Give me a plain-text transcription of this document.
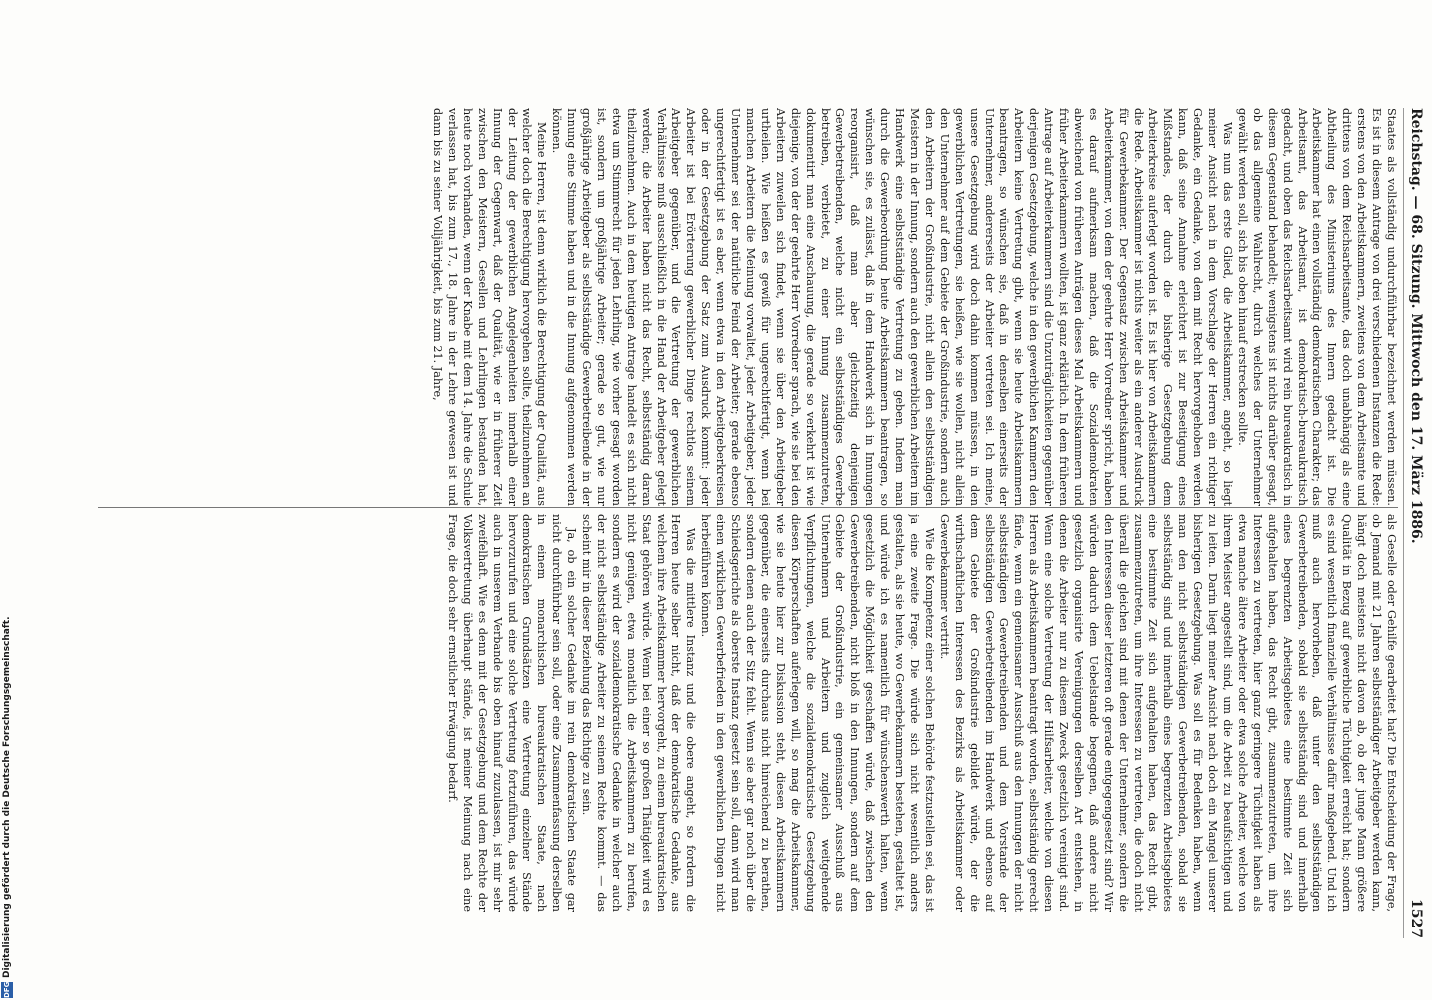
Reichstag. — 68. Sitzung. Mittwoch den 17. März 1886.
1527

Staates als vollständig undurchführbar bezeichnet werden müssen. Es ist in diesem Antrage von drei verschiedenen Instanzen die Rede: erstens von den Arbeitskammern, zweitens von dem Arbeitsamte und drittens von dem Reichsarbeitsamte, das doch unabhängig als eine Abtheilung des Ministeriums des Innern gedacht ist. Die Arbeitskammer hat einen vollständig demokratischen Charakter; das Arbeitsamt, das Arbeitsamt, ist demokratisch-bureaukratisch gedacht, und oben das Reichsarbeitsamt wird rein bureaukratisch in diesem Gegenstand behandelt; wenigstens ist nichts darüber gesagt, ob das allgemeine Wahlrecht, durch welches der Unternehmer gewählt werden soll, sich bis oben hinauf erstrecken sollte.

Was nun das erste Glied, die Arbeitskammer, angeht, so liegt meiner Ansicht nach in dem Vorschlage der Herren ein richtiger Gedanke, ein Gedanke, von dem mit Recht hervorgehoben werden kann, daß seine Annahme erleichtert ist zur Beseitigung eines Mißstandes, der durch die bisherige Gesetzgebung dem Arbeiterkreise auferlegt worden ist. Es ist hier von Arbeitskammern die Rede. Arbeitskammer ist nichts weiter als ein anderer Ausdruck für Gewerbekammer. Der Gegensatz zwischen Arbeitskammer und Arbeiterkammer, von dem der geehrte Herr Vorredner spricht, haben es darauf aufmerksam machen, daß die Sozialdemokraten abweichend von früheren Anträgen dieses Mal Arbeitskammern und früher Arbeiterkammern wollten, ist ganz erklärlich. In dem früheren Antrage auf Arbeiterkammern sind die Unzuträglichkeiten gegenüber derjenigen Gesetzgebung, welche in den gewerblichen Kammern den Arbeitern keine Vertretung gibt, wenn sie heute Arbeitskammern beantragen, so wünschen sie, daß in denselben einerseits der Unternehmer, andererseits der Arbeiter vertreten sei. Ich meine, unsere Gesetzgebung wird doch dahin kommen müssen, in den gewerblichen Vertretungen, sie heißen, wie sie wollen, nicht allein den Unternehmer auf dem Gebiete der Großindustrie, sondern auch den Arbeitern der Großindustrie, nicht allein den selbstständigen Meistern in der Innung, sondern auch den gewerblichen Arbeitern im Handwerk eine selbstständige Vertretung zu geben. Indem man durch die Gewerbeordnung heute Arbeitskammern beantragen, so wünschen sie, es zulässt, daß in dem Handwerk sich in Innungen reorganisirt, daß man aber gleichzeitig denjenigen Gewerbetreibenden, welche nicht ein selbstständiges Gewerbe betreiben, verbietet, zu einer Innung zusammenzutreten, dokumentirt man eine Anschauung, die gerade so verkehrt ist wie diejenige, von der der geehrte Herr Vorredner sprach, wie sie bei den Arbeitern zuweilen sich findet, wenn sie über den Arbeitgeber urtheilen. Wie heißen es gewiß für ungerechtfertigt, wenn bei manchen Arbeitern die Meinung vorwaltet, jeder Arbeitgeber, jeder Unternehmer sei der natürliche Feind der Arbeiter; gerade ebenso ungerechtfertigt ist es aber, wenn etwa in den Arbeitgeberkreisen oder in der Gesetzgebung der Satz zum Ausdruck kommt: jeder Arbeiter ist bei Erörterung gewerblicher Dinge rechtlos seinem Arbeitgeber gegenüber, und die Vertretung der gewerblichen Verhältnisse muß ausschließlich in die Hand der Arbeitgeber gelegt werden; die Arbeiter haben nicht das Recht, selbstständig daran theilzunehmen. Auch in dem heutigen Antrage handelt es sich nicht etwa um Stimmrecht für jeden Lehrling, wie vorher gesagt worden ist, sondern um großjährige Arbeiter; gerade so gut, wie nur großjährige Arbeitgeber als selbstständige Gewerbetreibende in der Innung eine Stimme haben und in die Innung aufgenommen werden können.

Meine Herren, ist denn wirklich die Berechtigung der Qualität, aus welcher doch die Berechtigung hervorgehen sollte, theilzunehmen an der Leitung der gewerblichen Angelegenheiten innerhalb einer Innung der Gegenwart, daß der Qualität, wie er in früherer Zeit zwischen den Meistern, Gesellen und Lehrlingen bestanden hat, heute noch vorhanden, wenn der Knabe mit dem 14. Jahre die Schule verlassen hat, bis zum 17., 18. Jahre in der Lehre gewesen ist und dann bis zu seiner Volljährigkeit, bis zum 21. Jahre,

als Geselle oder Gehilfe gearbeitet hat? Die Entscheidung der Frage, ob Jemand mit 21 Jahren selbstständiger Arbeitgeber werden kann, hängt doch meistens nicht davon ab, ob der junge Mann größere Qualität in Bezug auf gewerbliche Tüchtigkeit erreicht hat; sondern es sind wesentlich finanzielle Verhältnisse dafür maßgebend. Und ich muß auch hervorheben, daß unter den selbstständigen Gewerbetreibenden, sobald sie selbstständig sind und innerhalb eines begrenzten Arbeitsgebietes eine bestimmte Zeit sich aufgehalten haben, das Recht gibt, zusammenzutreten, um ihre Interessen zu vertreten, hier ganz geringere Tüchtigkeit haben als etwa manche ältere Arbeiter oder etwa solche Arbeiter, welche von ihrem Meister angestellt sind, um die Arbeit zu beaufsichtigen und zu leiten. Darin liegt meiner Ansicht nach doch ein Mangel unserer bisherigen Gesetzgebung. Was soll es für Bedenken haben, wenn man den nicht selbstständigen Gewerbetreibenden, sobald sie selbstständig sind und innerhalb eines begrenzten Arbeitsgebietes eine bestimmte Zeit sich aufgehalten haben, das Recht gibt, zusammenzutreten, um ihre Interessen zu vertreten, die doch nicht überall die gleichen sind mit denen der Unternehmer, sondern die den Interessen dieser letzteren oft gerade entgegengesetzt sind? Wir würden dadurch dem Uebelstande begegnen, daß andere nicht gesetzlich organisirte Vereinigungen derselben Art entstehen, in denen die Arbeiter nur zu diesem Zweck gesetzlich vereinigt sind. Wenn eine solche Vertretung der Hilfsarbeiter, welche von diesen Herren als Arbeitskammern beantragt worden, selbstständig gerecht fände, wenn ein gemeinsamer Ausschuß aus den Innungen der nicht selbstständigen Gewerbetreibenden und dem Vorstande der selbstständigen Gewerbetreibenden im Handwerk und ebenso auf dem Gebiete der Großindustrie gebildet würde, der die wirthschaftlichen Interessen des Bezirks als Arbeitskammer oder Gewerbekammer vertritt.

Wie die Kompetenz einer solchen Behörde festzustellen sei, das ist ja eine zweite Frage. Die würde sich nicht wesentlich anders gestalten, als sie heute, wo Gewerbekammern bestehen, gestaltet ist, und würde ich es namentlich für wünschenswerth halten, wenn gesetzlich die Möglichkeit geschaffen würde, daß zwischen den Gewerbetreibenden, nicht bloß in den Innungen, sondern auf dem Gebiete der Großindustrie, ein gemeinsamer Ausschuß aus Unternehmern und Arbeitern und zugleich weitgehende Verpflichtungen, welche die sozialdemokratische Gesetzgebung diesen Körperschaften auferlegen will, so mag die Arbeitskammer, wie sie heute hier zur Diskussion steht, diesen Arbeitskammern gegenüber, die einerseits durchaus nicht hinreichend zu berathen, sondern denen auch der Sitz fehlt. Wenn sie aber gar noch über die Schiedsgerichte als oberste Instanz gesetzt sein soll, dann wird man einen wirklichen Gewerbefrieden in den gewerblichen Dingen nicht herbeiführen können.

Was die mittlere Instanz und die obere angeht, so fordern die Herren heute selber nicht, daß der demokratische Gedanke, aus welchem ihre Arbeitskammer hervorgeht, zu einem bureaukratischen Staat gehören würde. Wenn bei einer so großen Thätigkeit wird es nicht genügen, etwa monatlich die Arbeitskammern zu berufen, sondern es wird der sozialdemokratische Gedanke in welcher auch der nicht selbstständige Arbeiter zu seinem Rechte kommt. — das scheint mir in dieser Beziehung das Richtige zu sein.

Ja, ob ein solcher Gedanke im rein demokratischen Staate gar nicht durchführbar sein soll, oder eine Zusammenfassung derselben in einem monarchischen bureaukratischen Staate, nach demokratischen Grundsätzen eine Vertretung einzelner Stände hervorzurufen und eine solche Vertretung fortzuführen, das würde auch in unserem Verbande bis oben hinauf zuzulassen, ist mir sehr zweifelhaft. Wie es denn mit der Gesetzgebung und dem Rechte der Volksvertretung überhaupt stände, ist meiner Meinung nach eine Frage, die doch sehr ernstlicher Erwägung bedarf.

DFG
Digitalisierung gefördert durch die Deutsche Forschungsgemeinschaft.
